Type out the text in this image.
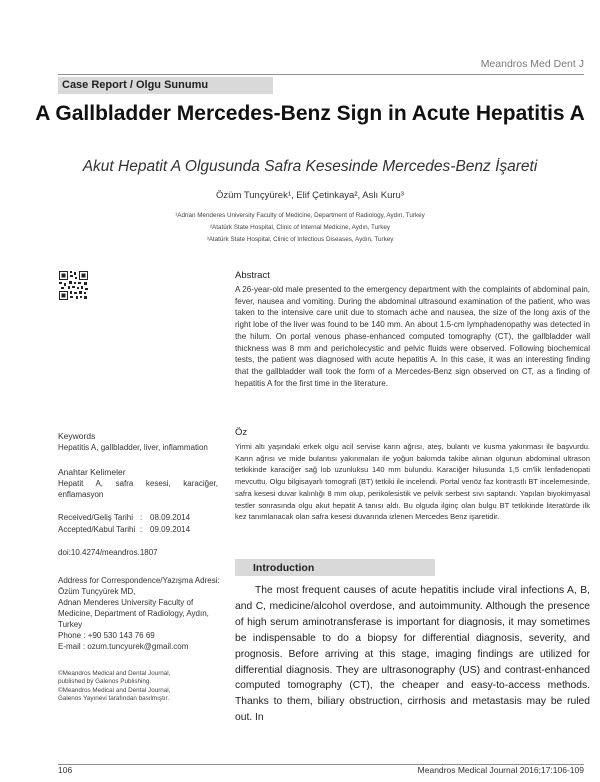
Meandros Med Dent J
Case Report / Olgu Sunumu
A Gallbladder Mercedes-Benz Sign in Acute Hepatitis A
Akut Hepatit A Olgusunda Safra Kesesinde Mercedes-Benz İşareti
Özüm Tunçyürek¹, Elif Çetinkaya², Aslı Kuru³
¹Adnan Menderes University Faculty of Medicine, Department of Radiology, Aydın, Turkey
²Atatürk State Hospital, Clinic of Internal Medicine, Aydın, Turkey
³Atatürk State Hospital, Clinic of Infectious Diseases, Aydın, Turkey
Abstract

A 26-year-old male presented to the emergency department with the complaints of abdominal pain, fever, nausea and vomiting. During the abdominal ultrasound examination of the patient, who was taken to the intensive care unit due to stomach ache and nausea, the size of the long axis of the right lobe of the liver was found to be 140 mm. An about 1.5-cm lymphadenopathy was detected in the hilum. On portal venous phase-enhanced computed tomography (CT), the gallbladder wall thickness was 8 mm and pericholecystic and pelvic fluids were observed. Following biochemical tests, the patient was diagnosed with acute hepatitis A. In this case, it was an interesting finding that the gallbladder wall took the form of a Mercedes-Benz sign observed on CT, as a finding of hepatitis A for the first time in the literature.

Öz

Yirmi altı yaşındaki erkek olgu acil servise karın ağrısı, ateş, bulantı ve kusma yakınması ile başvurdu. Karın ağrısı ve mide bulantısı yakınmaları ile yoğun bakımda takibe alınan olgunun abdominal ultrason tetkikinde karaciğer sağ lob uzunluksu 140 mm bulundu. Karaciğer hilusunda 1,5 cm'lik lenfadenopati mevcuttu. Olgu bilgisayarlı tomografi (BT) tetkiki ile incelendi. Portal venöz faz kontrastlı BT incelemesinde, safra kesesi duvar kalınlığı 8 mm olup, perikolesistik ve pelvik serbest sıvı saptandı. Yapılan biyokimyasal testler sonrasında olgu akut hepatit A tanısı aldı. Bu olguda ilginç olan bulgu BT tetkikinde literatürde ilk kez tanımlanacak olan safra kesesi duvarında izlenen Mercedes Benz işaretidir.

Keywords
Hepatitis A, gallbladder, liver, inflammation
Anahtar Kelimeler
Hepatit A, safra kesesi, karaciğer, enflamasyon
Received/Geliş Tarihi : 08.09.2014
Accepted/Kabul Tarihi : 09.09.2014
doi:10.4274/meandros.1807
Address for Correspondence/Yazışma Adresi:
Özüm Tunçyürek MD,
Adnan Menderes University Faculty of
Medicine, Department of Radiology, Aydın,
Turkey
Phone : +90 530 143 76 69
E-mail : ozum.tuncyurek@gmail.com
©Meandros Medical and Dental Journal,
published by Galenos Publishing.
©Meandros Medical and Dental Journal,
Galenos Yayınevi tarafından basılmıştır.
Introduction

The most frequent causes of acute hepatitis include viral infections A, B, and C, medicine/alcohol overdose, and autoimmunity. Although the presence of high serum aminotransferase is important for diagnosis, it may sometimes be indispensable to do a biopsy for differential diagnosis, severity, and prognosis. Before arriving at this stage, imaging findings are utilized for differential diagnosis. They are ultrasonography (US) and contrast-enhanced computed tomography (CT), the cheaper and easy-to-access methods. Thanks to them, biliary obstruction, cirrhosis and metastasis may be ruled out. In

106	Meandros Medical Journal 2016;17:106-109
